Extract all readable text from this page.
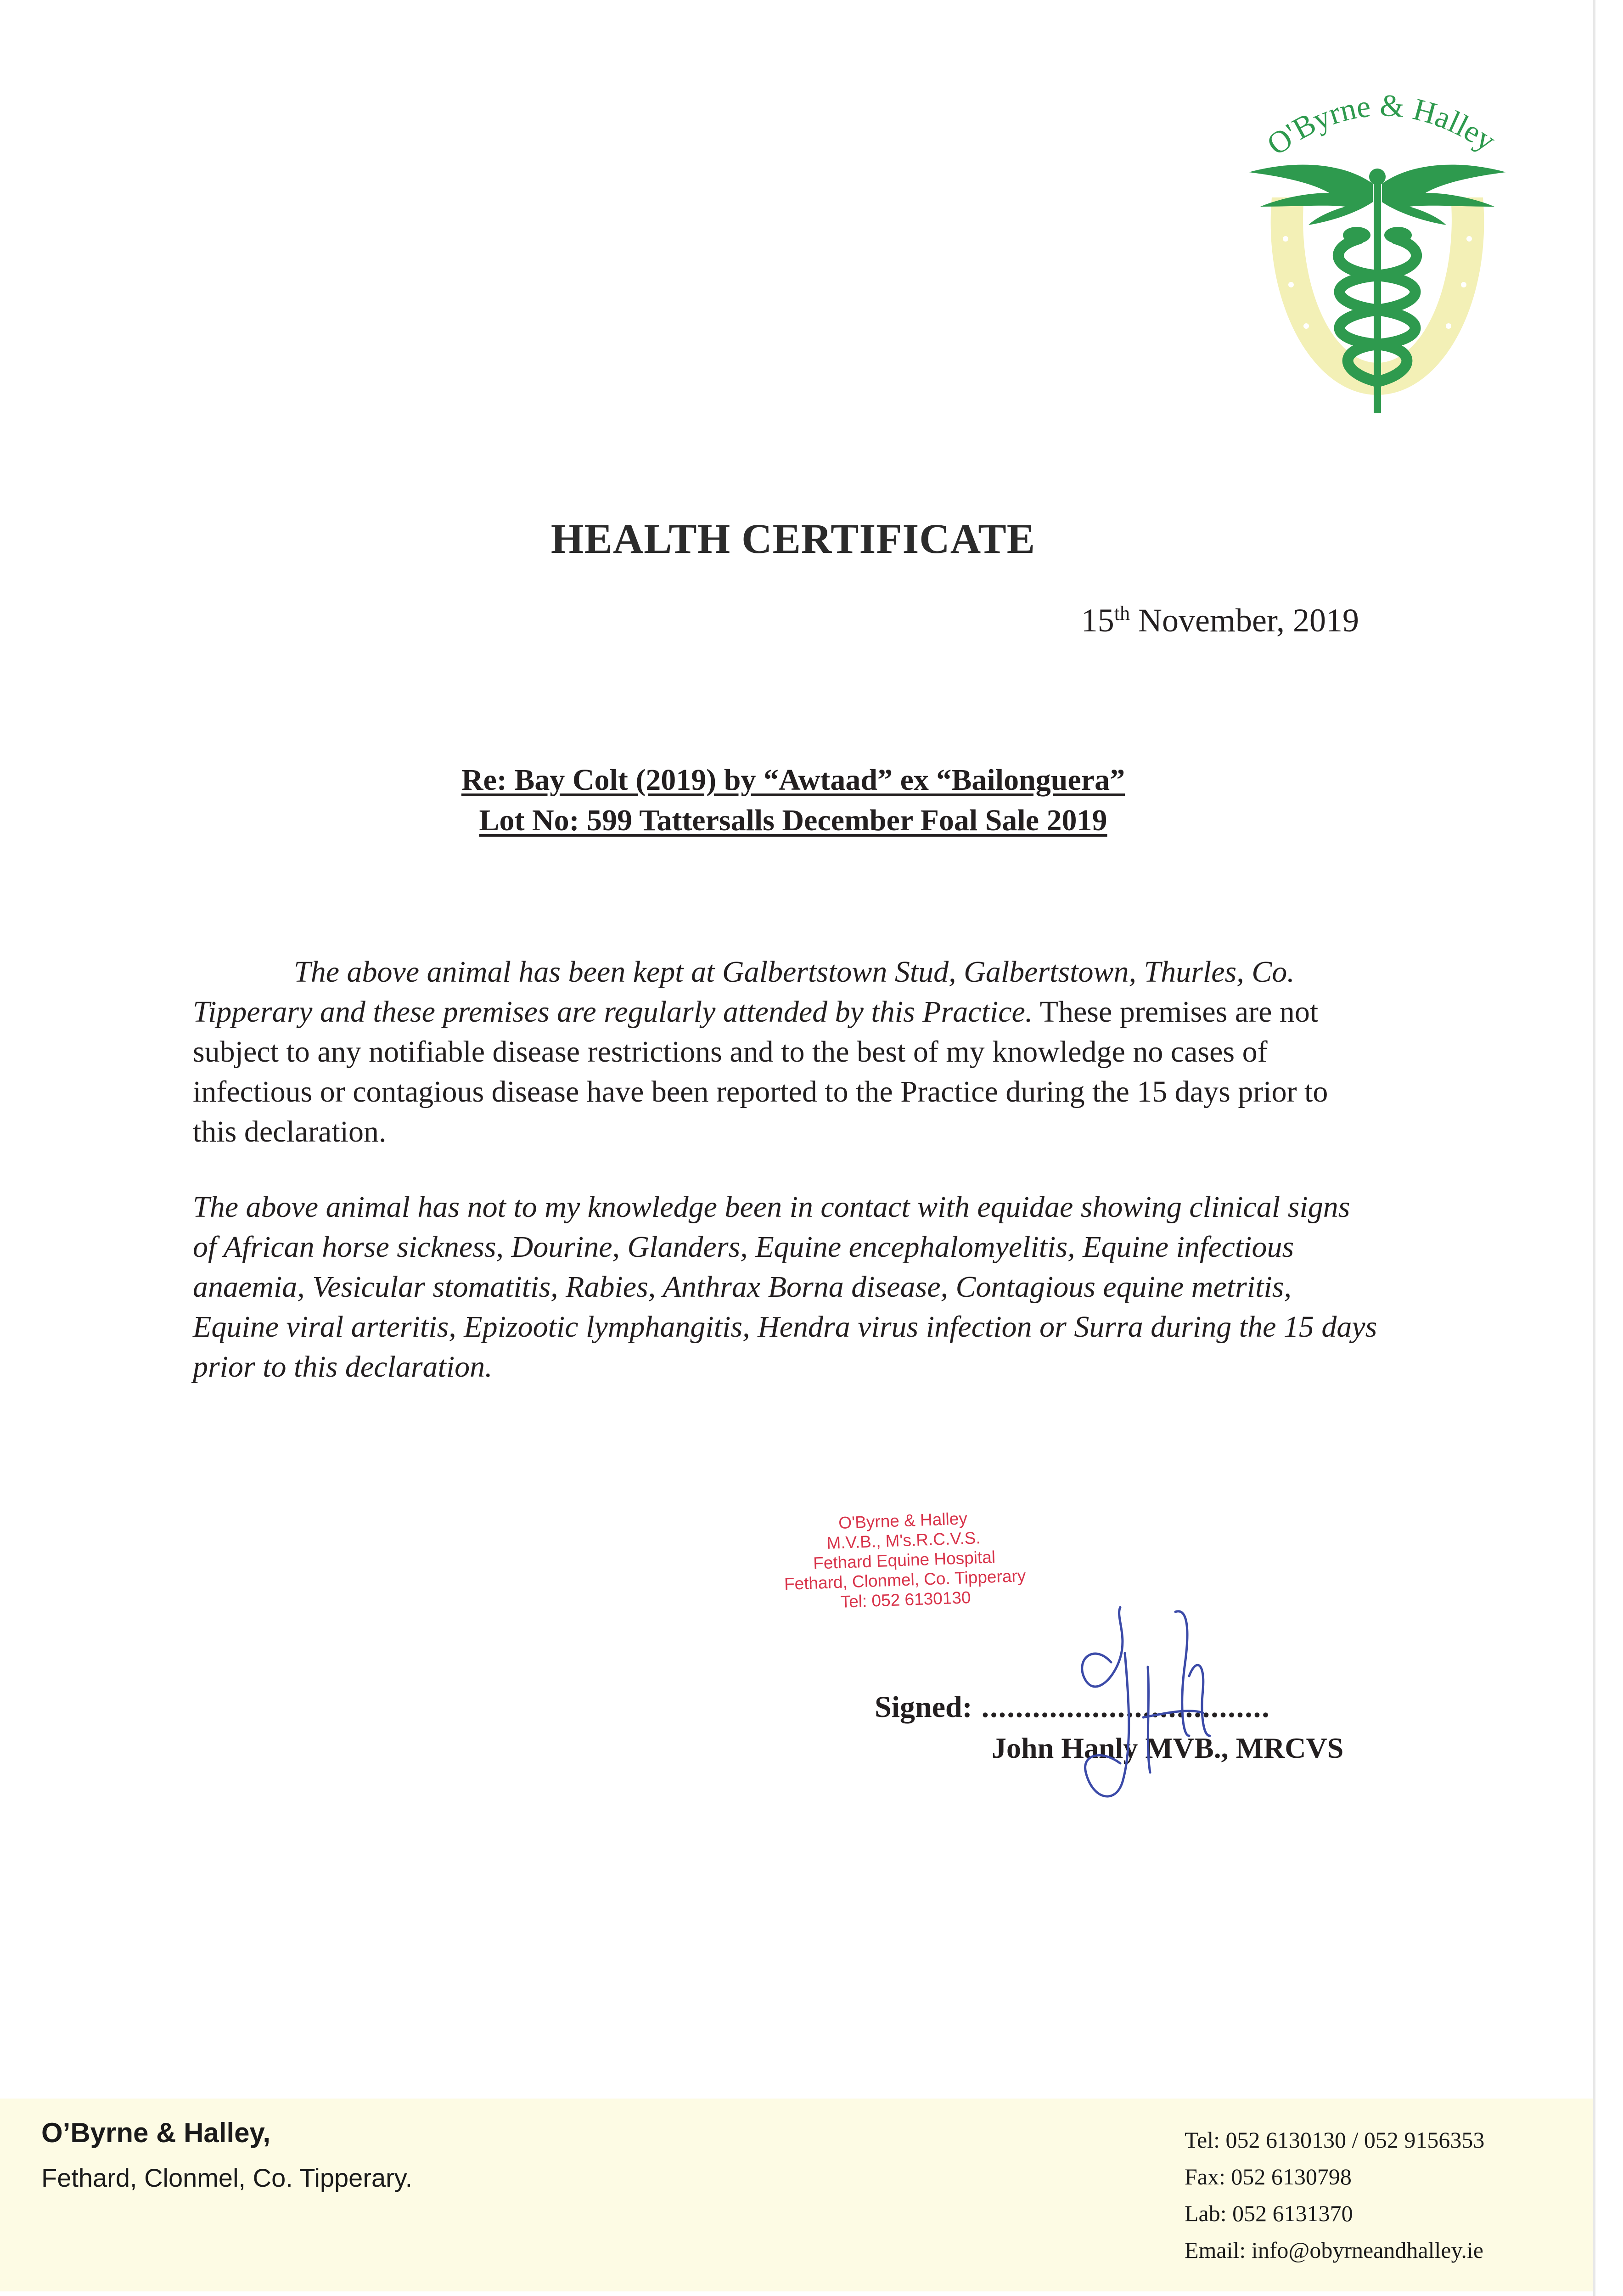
O'Byrne & Halley
HEALTH CERTIFICATE
15th November, 2019
Re: Bay Colt (2019) by “Awtaad” ex “Bailonguera”
Lot No: 599 Tattersalls December Foal Sale 2019
The above animal has been kept at Galbertstown Stud, Galbertstown, Thurles, Co. Tipperary and these premises are regularly attended by this Practice. These premises are not subject to any notifiable disease restrictions and to the best of my knowledge no cases of infectious or contagious disease have been reported to the Practice during the 15 days prior to this declaration.
The above animal has not to my knowledge been in contact with equidae showing clinical signs of African horse sickness, Dourine, Glanders, Equine encephalomyelitis, Equine infectious anaemia, Vesicular stomatitis, Rabies, Anthrax Borna disease, Contagious equine metritis, Equine viral arteritis, Epizootic lymphangitis, Hendra virus infection or Surra during the 15 days prior to this declaration.
O'Byrne & Halley
M.V.B., M's.R.C.V.S.
Fethard Equine Hospital
Fethard, Clonmel, Co. Tipperary
Tel: 052 6130130
Signed: ..................................
John Hanly MVB., MRCVS
O’Byrne & Halley,
Fethard, Clonmel, Co. Tipperary.
Tel: 052 6130130 / 052 9156353
Fax: 052 6130798
Lab: 052 6131370
Email: info@obyrneandhalley.ie
